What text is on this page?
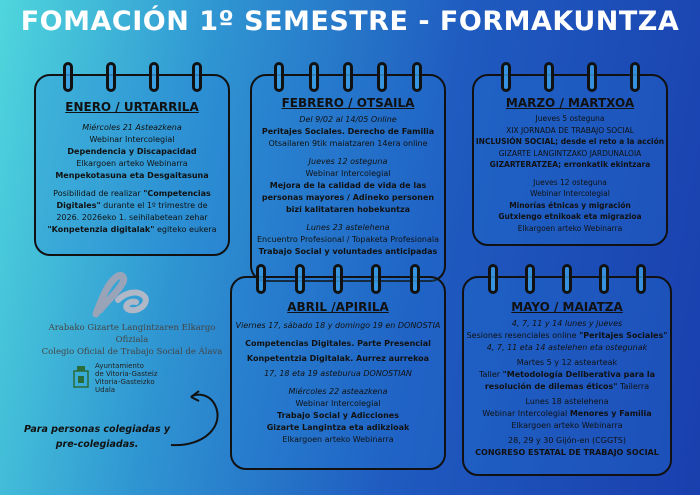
FOMACIÓN 1º SEMESTRE - FORMAKUNTZA
ENERO / URTARRILA

Miércoles 21 Asteazkena

Webinar Intercolegial

Dependencia y Discapacidad

Elkargoen arteko Webinarra

Menpekotasuna eta Desgaitasuna

Posibilidad de realizar "Competencias Digitales" durante el 1º trimestre de 2026. 2026eko 1. seihilabetean zehar "Konpetenzia digitalak" egiteko eukera

FEBRERO / OTSAILA

Del 9/02 al 14/05 Online

Peritajes Sociales. Derecho de Familia

Otsailaren 9tik maiatzaren 14era online

Jueves 12 osteguna

Webinar Intercolegial

Mejora de la calidad de vida de las personas mayores / Adineko personen bizi kalitataren hobekuntza

Lunes 23 astelehena

Encuentro Profesional / Topaketa Profesionala

Trabajo Social y voluntades anticipadas

MARZO / MARTXOA

Jueves 5 osteguna

XIX JORNADA DE TRABAJO SOCIAL

INCLUSIÓN SOCIAL; desde el reto a la acción

GIZARTE LANGINTZAKO JARDUNALOIA

GIZARTERATZEA; erronkatik ekintzara

Jueves 12 osteguna

Webinar Intercolegial

Minorías étnicas y migración

Gutxiengo etnikoak eta migrazioa

Elkargoen arteko Webinarra

ABRIL /APIRILA

Viernes 17, sábado 18 y domingo 19 en DONOSTIA

Competencias Digitales. Parte Presencial

Konpetentzia Digitalak. Aurrez aurrekoa

17, 18 eta 19 asteburua DONOSTIAN

Miércoles 22 asteazkena

Webinar Intercolegial

Trabajo Social y Adicciones

Gizarte Langintza eta adikzioak

Elkargoen arteko Webinarra

MAYO / MAIATZA

4, 7, 11 y 14 lunes y jueves

Sesiones resenciales online "Peritajes Sociales"

4, 7, 11 eta 14 astelehen eta ostegunak

Martes 5 y 12 astearteak

Taller "Metodología Deliberativa para la resolución de dilemas éticos" Tailerra

Lunes 18 astelehena

Webinar Intercolegial Menores y Familia

Elkargoen arteko Webinarra

28, 29 y 30 Gijón-en (CGGTS)

CONGRESO ESTATAL DE TRABAJO SOCIAL

Arabako Gizarte Langintzaren Elkargo Ofiziala
Colegio Oficial de Trabajo Social de Álava
Ayuntamiento
de Vitoria-Gasteiz
Vitoria-Gasteizko
Udala
Para personas colegiadas y
pre-colegiadas.
